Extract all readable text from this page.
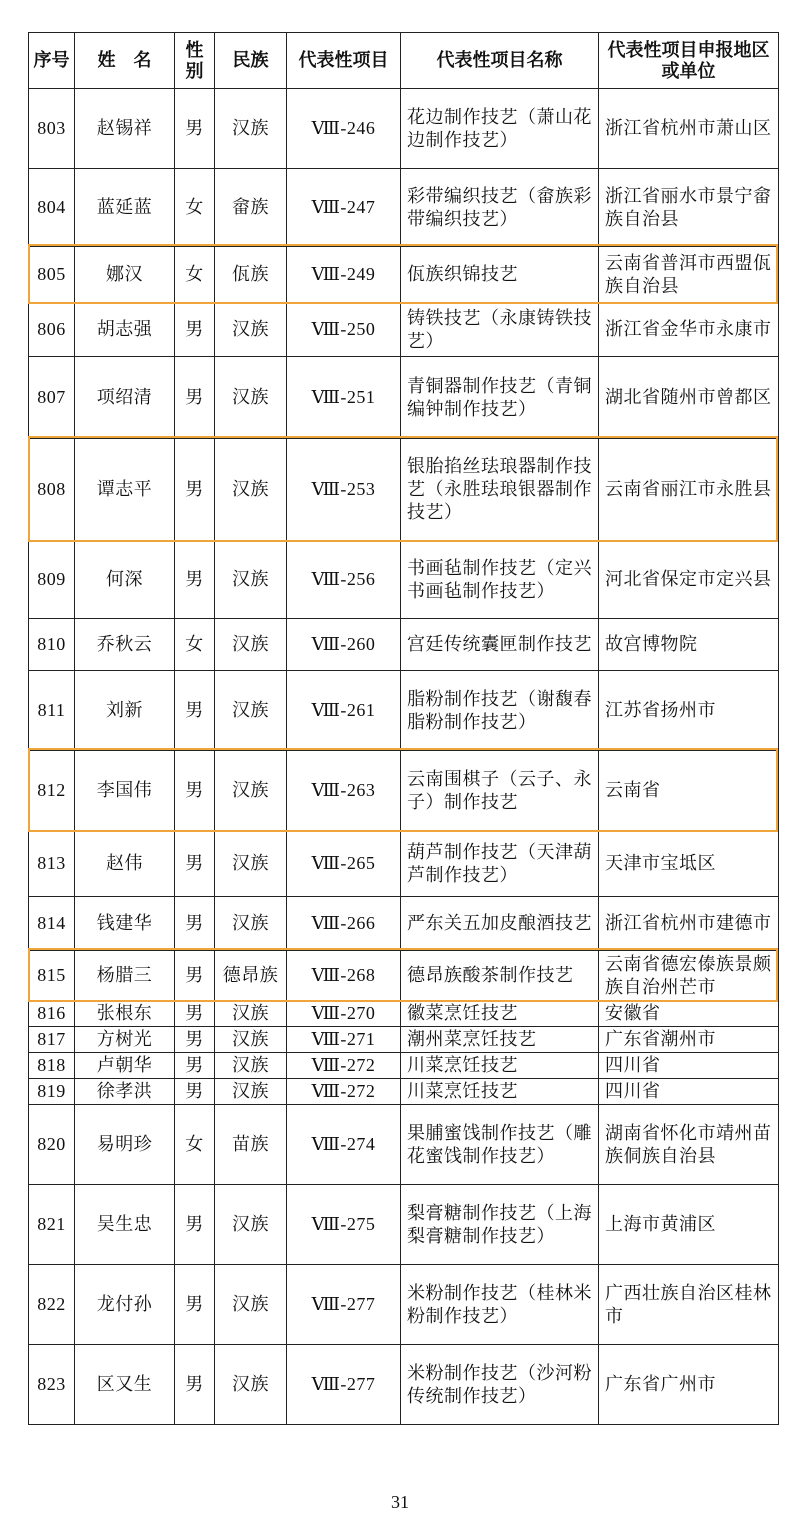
序号	姓　名	性别	民族	代表性项目	代表性项目名称	代表性项目申报地区或单位
803	赵锡祥	男	汉族	Ⅷ-246	花边制作技艺（萧山花边制作技艺）	浙江省杭州市萧山区
804	蓝延蓝	女	畲族	Ⅷ-247	彩带编织技艺（畲族彩带编织技艺）	浙江省丽水市景宁畲族自治县
805	娜汉	女	佤族	Ⅷ-249	佤族织锦技艺	云南省普洱市西盟佤族自治县
806	胡志强	男	汉族	Ⅷ-250	铸铁技艺（永康铸铁技艺）	浙江省金华市永康市
807	项绍清	男	汉族	Ⅷ-251	青铜器制作技艺（青铜编钟制作技艺）	湖北省随州市曾都区
808	谭志平	男	汉族	Ⅷ-253	银胎掐丝珐琅器制作技艺（永胜珐琅银器制作技艺）	云南省丽江市永胜县
809	何深	男	汉族	Ⅷ-256	书画毡制作技艺（定兴书画毡制作技艺）	河北省保定市定兴县
810	乔秋云	女	汉族	Ⅷ-260	宫廷传统囊匣制作技艺	故宫博物院
811	刘新	男	汉族	Ⅷ-261	脂粉制作技艺（谢馥春脂粉制作技艺）	江苏省扬州市
812	李国伟	男	汉族	Ⅷ-263	云南围棋子（云子、永子）制作技艺	云南省
813	赵伟	男	汉族	Ⅷ-265	葫芦制作技艺（天津葫芦制作技艺）	天津市宝坻区
814	钱建华	男	汉族	Ⅷ-266	严东关五加皮酿酒技艺	浙江省杭州市建德市
815	杨腊三	男	德昂族	Ⅷ-268	德昂族酸茶制作技艺	云南省德宏傣族景颇族自治州芒市
816	张根东	男	汉族	Ⅷ-270	徽菜烹饪技艺	安徽省
817	方树光	男	汉族	Ⅷ-271	潮州菜烹饪技艺	广东省潮州市
818	卢朝华	男	汉族	Ⅷ-272	川菜烹饪技艺	四川省
819	徐孝洪	男	汉族	Ⅷ-272	川菜烹饪技艺	四川省
820	易明珍	女	苗族	Ⅷ-274	果脯蜜饯制作技艺（雕花蜜饯制作技艺）	湖南省怀化市靖州苗族侗族自治县
821	吴生忠	男	汉族	Ⅷ-275	梨膏糖制作技艺（上海梨膏糖制作技艺）	上海市黄浦区
822	龙付孙	男	汉族	Ⅷ-277	米粉制作技艺（桂林米粉制作技艺）	广西壮族自治区桂林市
823	区又生	男	汉族	Ⅷ-277	米粉制作技艺（沙河粉传统制作技艺）	广东省广州市
31
